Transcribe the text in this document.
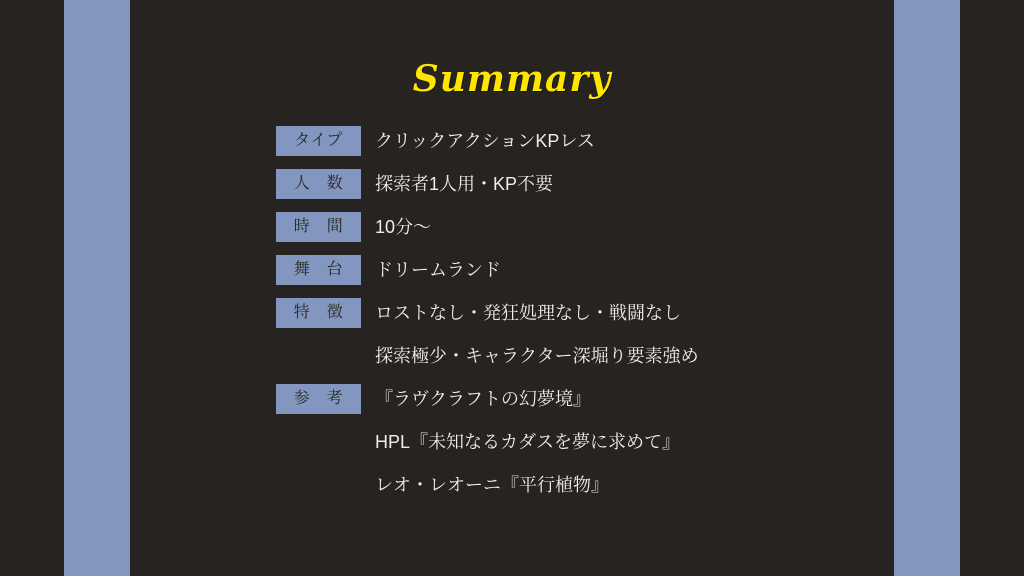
Summary
タイプ	クリックアクションKPレス
人　数	探索者1人用・KP不要
時　間	10分〜
舞　台	ドリームランド
特　徴	ロストなし・発狂処理なし・戦闘なし
探索極少・キャラクター深堀り要素強め
参　考	『ラヴクラフトの幻夢境』
HPL『未知なるカダスを夢に求めて』
レオ・レオーニ『平行植物』
